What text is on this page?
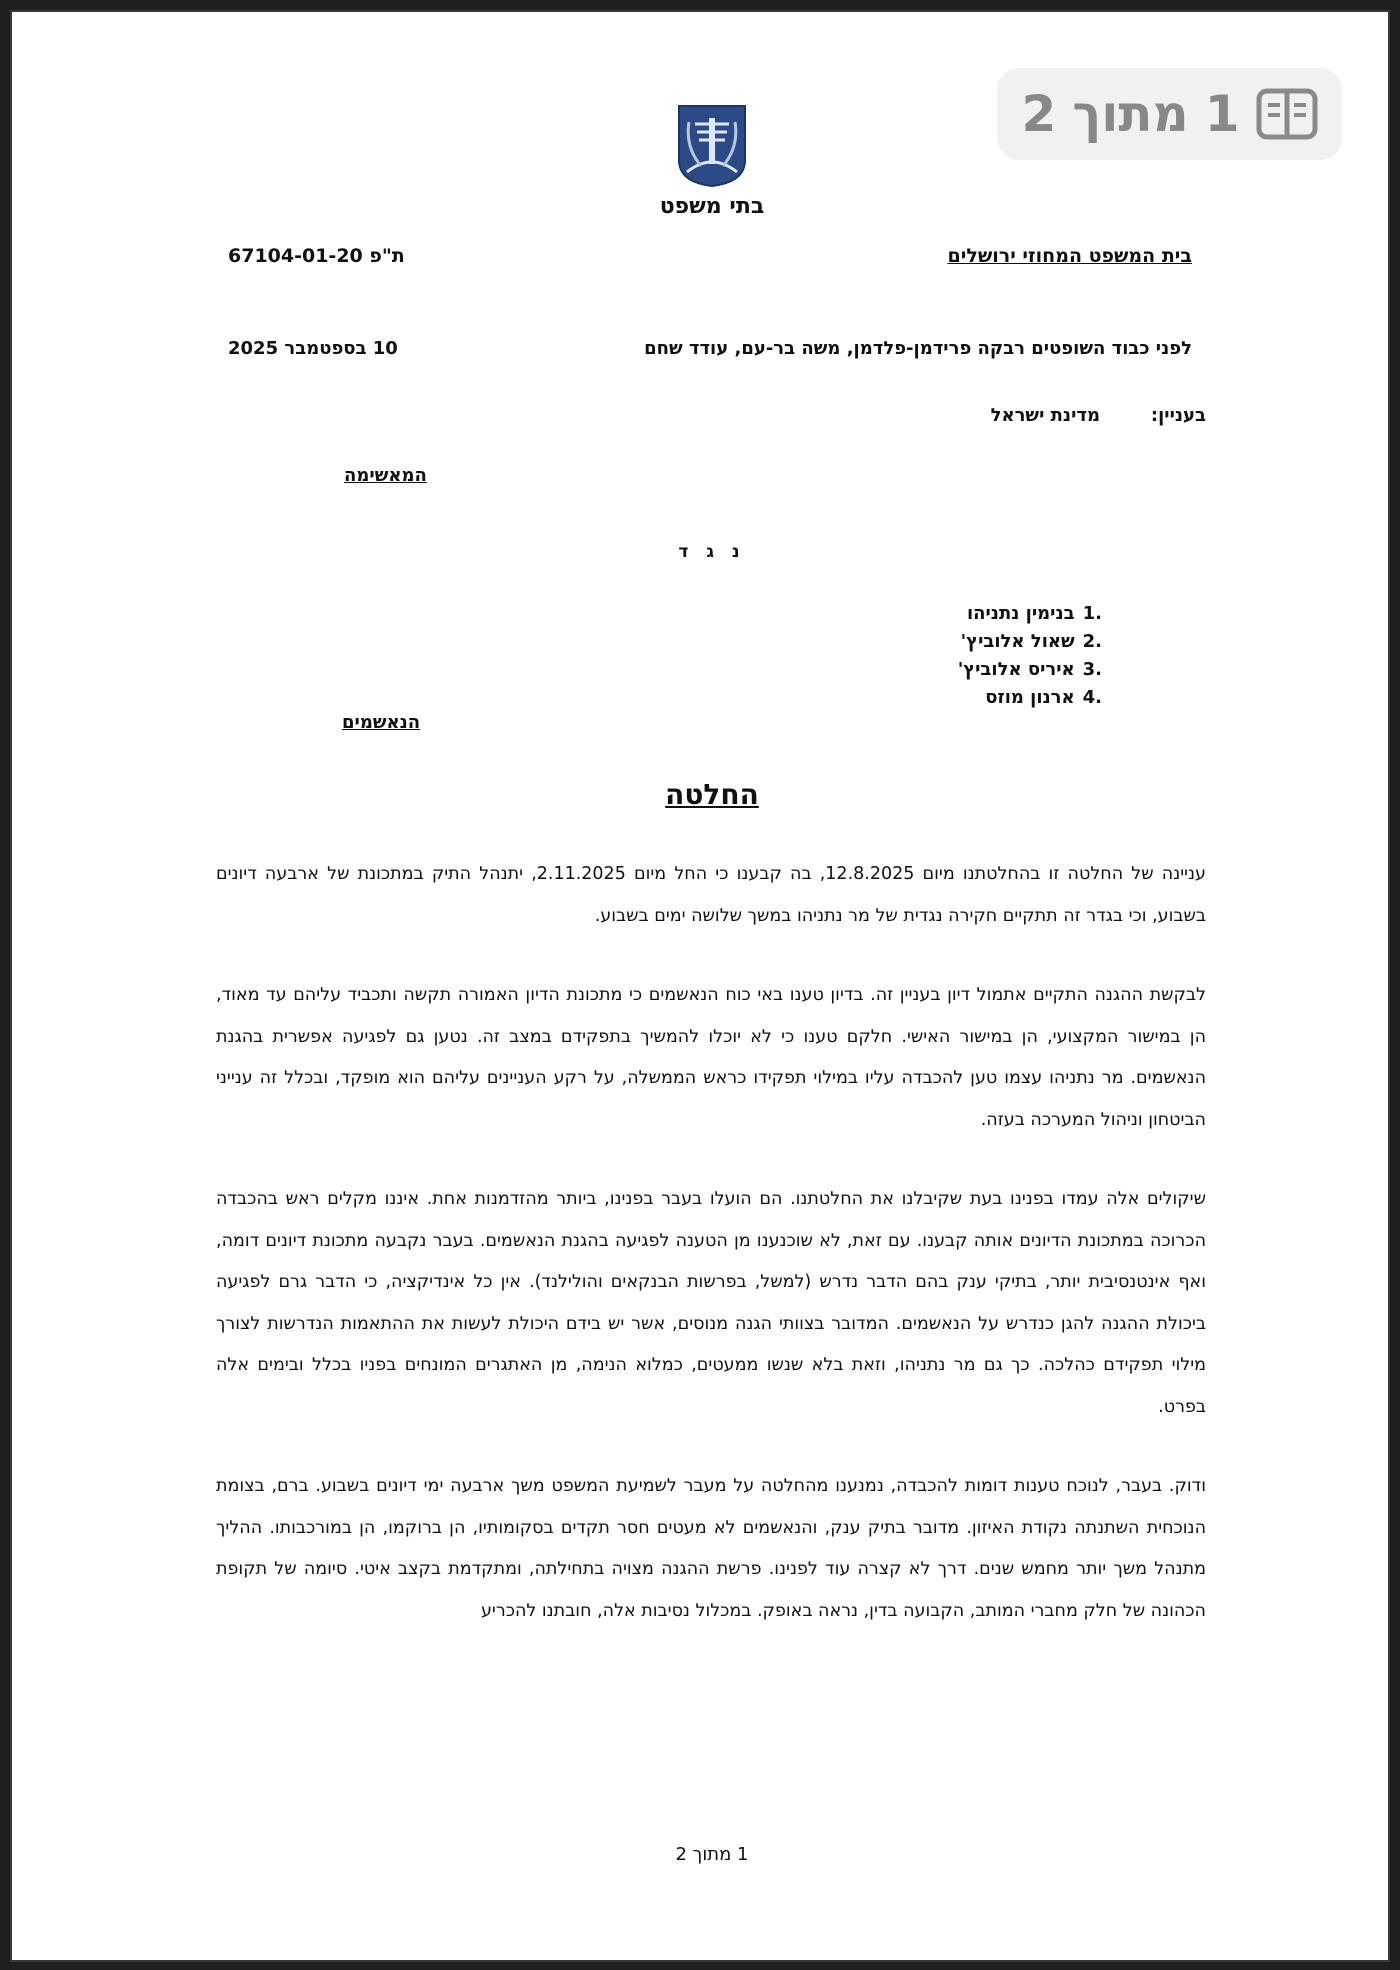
1
מתוך
2
בתי משפט
בית המשפט המחוזי ירושלים
ת"פ 67104-01-20
לפני כבוד השופטים רבקה פרידמן-פלדמן, משה בר-עם, עודד שחם
10 בספטמבר 2025
בעניין:
מדינת ישראל
המאשימה
נ ג ד
1.
בנימין נתניהו
2.
שאול אלוביץ'
3.
איריס אלוביץ'
4.
ארנון מוזס
הנאשמים
החלטה

עניינה של החלטה זו בהחלטתנו מיום 12.8.2025, בה קבענו כי החל מיום 2.11.2025, יתנהל התיק במתכונת של ארבעה דיונים בשבוע, וכי בגדר זה תתקיים חקירה נגדית של מר נתניהו במשך שלושה ימים בשבוע.

לבקשת ההגנה התקיים אתמול דיון בעניין זה. בדיון טענו באי כוח הנאשמים כי מתכונת הדיון האמורה תקשה ותכביד עליהם עד מאוד, הן במישור המקצועי, הן במישור האישי. חלקם טענו כי לא יוכלו להמשיך בתפקידם במצב זה. נטען גם לפגיעה אפשרית בהגנת הנאשמים. מר נתניהו עצמו טען להכבדה עליו במילוי תפקידו כראש הממשלה, על רקע העניינים עליהם הוא מופקד, ובכלל זה ענייני הביטחון וניהול המערכה בעזה.

שיקולים אלה עמדו בפנינו בעת שקיבלנו את החלטתנו. הם הועלו בעבר בפנינו, ביותר מהזדמנות אחת. איננו מקלים ראש בהכבדה הכרוכה במתכונת הדיונים אותה קבענו. עם זאת, לא שוכנענו מן הטענה לפגיעה בהגנת הנאשמים. בעבר נקבעה מתכונת דיונים דומה, ואף אינטנסיבית יותר, בתיקי ענק בהם הדבר נדרש (למשל, בפרשות הבנקאים והולילנד). אין כל אינדיקציה, כי הדבר גרם לפגיעה ביכולת ההגנה להגן כנדרש על הנאשמים. המדובר בצוותי הגנה מנוסים, אשר יש בידם היכולת לעשות את ההתאמות הנדרשות לצורך מילוי תפקידם כהלכה. כך גם מר נתניהו, וזאת בלא שנשו ממעטים, כמלוא הנימה, מן האתגרים המונחים בפניו בכלל ובימים אלה בפרט.

ודוק. בעבר, לנוכח טענות דומות להכבדה, נמנענו מהחלטה על מעבר לשמיעת המשפט משך ארבעה ימי דיונים בשבוע. ברם, בצומת הנוכחית השתנתה נקודת האיזון. מדובר בתיק ענק, והנאשמים לא מעטים חסר תקדים בסקומותיו, הן ברוקמו, הן במורכבותו. ההליך מתנהל משך יותר מחמש שנים. דרך לא קצרה עוד לפנינו. פרשת ההגנה מצויה בתחילתה, ומתקדמת בקצב איטי. סיומה של תקופת הכהונה של חלק מחברי המותב, הקבועה בדין, נראה באופק. במכלול נסיבות אלה, חובתנו להכריע

1 מתוך 2
